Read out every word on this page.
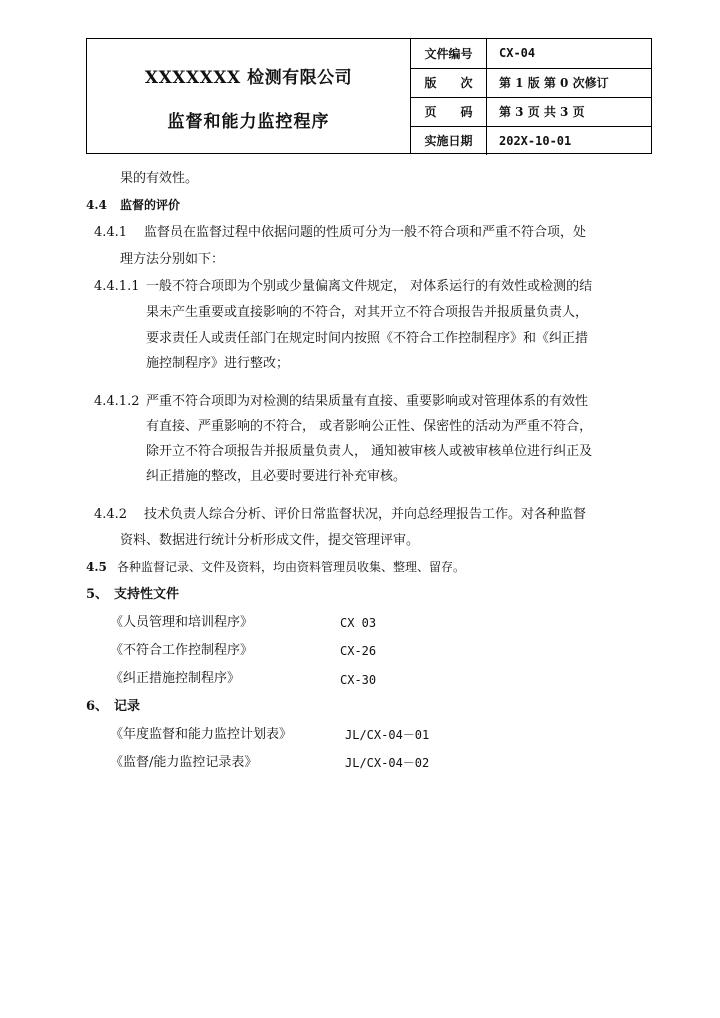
XXXXXXX 检测有限公司
监督和能力监控程序
文件编号	CX-04
版　　次	第 1 版 第 0 次修订
页　　码	第 3 页 共 3 页
实施日期	202X-10-01
果的有效性。
4.4 监督的评价
4.4.1 监督员在监督过程中依据问题的性质可分为一般不符合项和严重不符合项，处
理方法分别如下：
4.4.1.1 一般不符合项即为个别或少量偏离文件规定， 对体系运行的有效性或检测的结
果未产生重要或直接影响的不符合，对其开立不符合项报告并报质量负责人，
要求责任人或责任部门在规定时间内按照《不符合工作控制程序》和《纠正措
施控制程序》进行整改；
4.4.1.2 严重不符合项即为对检测的结果质量有直接、重要影响或对管理体系的有效性
有直接、严重影响的不符合， 或者影响公正性、保密性的活动为严重不符合，
除开立不符合项报告并报质量负责人， 通知被审核人或被审核单位进行纠正及
纠正措施的整改，且必要时要进行补充审核。
4.4.2 技术负责人综合分析、评价日常监督状况，并向总经理报告工作。对各种监督
资料、数据进行统计分析形成文件，提交管理评审。
4.5 各种监督记录、文件及资料，均由资料管理员收集、整理、留存。
5、 支持性文件
《人员管理和培训程序》	CX 03
《不符合工作控制程序》	CX-26
《纠正措施控制程序》	CX-30
6、 记录
《年度监督和能力监控计划表》	JL/CX-04－01
《监督/能力监控记录表》	JL/CX-04－02
